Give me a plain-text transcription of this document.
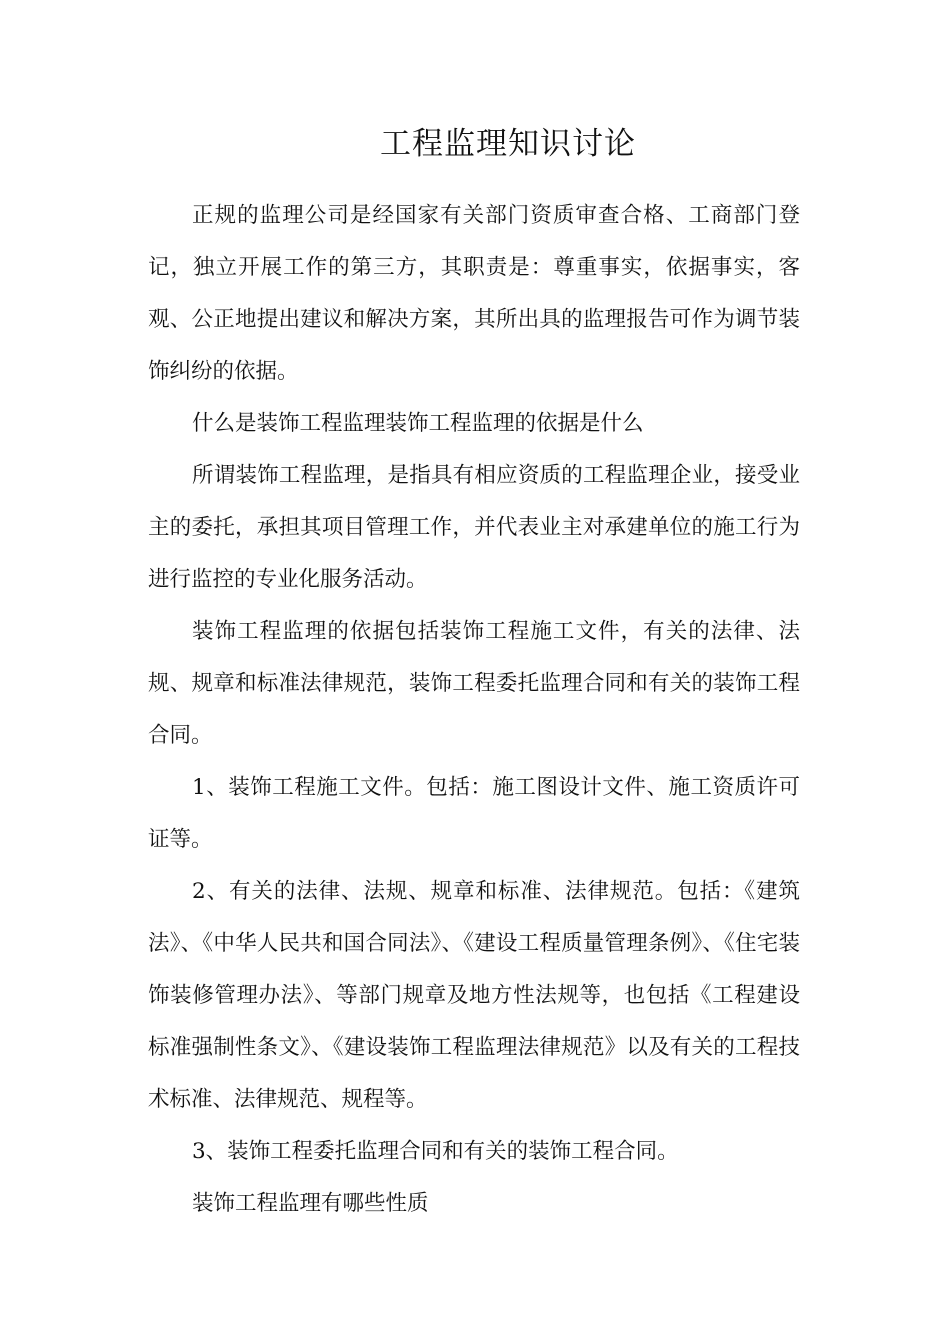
工程监理知识讨论

正规的监理公司是经国家有关部门资质审查合格、工商部门登记，独立开展工作的第三方，其职责是：尊重事实，依据事实，客观、公正地提出建议和解决方案，其所出具的监理报告可作为调节装饰纠纷的依据。

什么是装饰工程监理装饰工程监理的依据是什么

所谓装饰工程监理，是指具有相应资质的工程监理企业，接受业主的委托，承担其项目管理工作，并代表业主对承建单位的施工行为进行监控的专业化服务活动。

装饰工程监理的依据包括装饰工程施工文件，有关的法律、法规、规章和标准法律规范，装饰工程委托监理合同和有关的装饰工程合同。

1、装饰工程施工文件。包括：施工图设计文件、施工资质许可证等。

2、有关的法律、法规、规章和标准、法律规范。包括：《建筑法》、《中华人民共和国合同法》、《建设工程质量管理条例》、《住宅装饰装修管理办法》、等部门规章及地方性法规等，也包括《工程建设标准强制性条文》、《建设装饰工程监理法律规范》以及有关的工程技术标准、法律规范、规程等。

3、装饰工程委托监理合同和有关的装饰工程合同。

装饰工程监理有哪些性质
